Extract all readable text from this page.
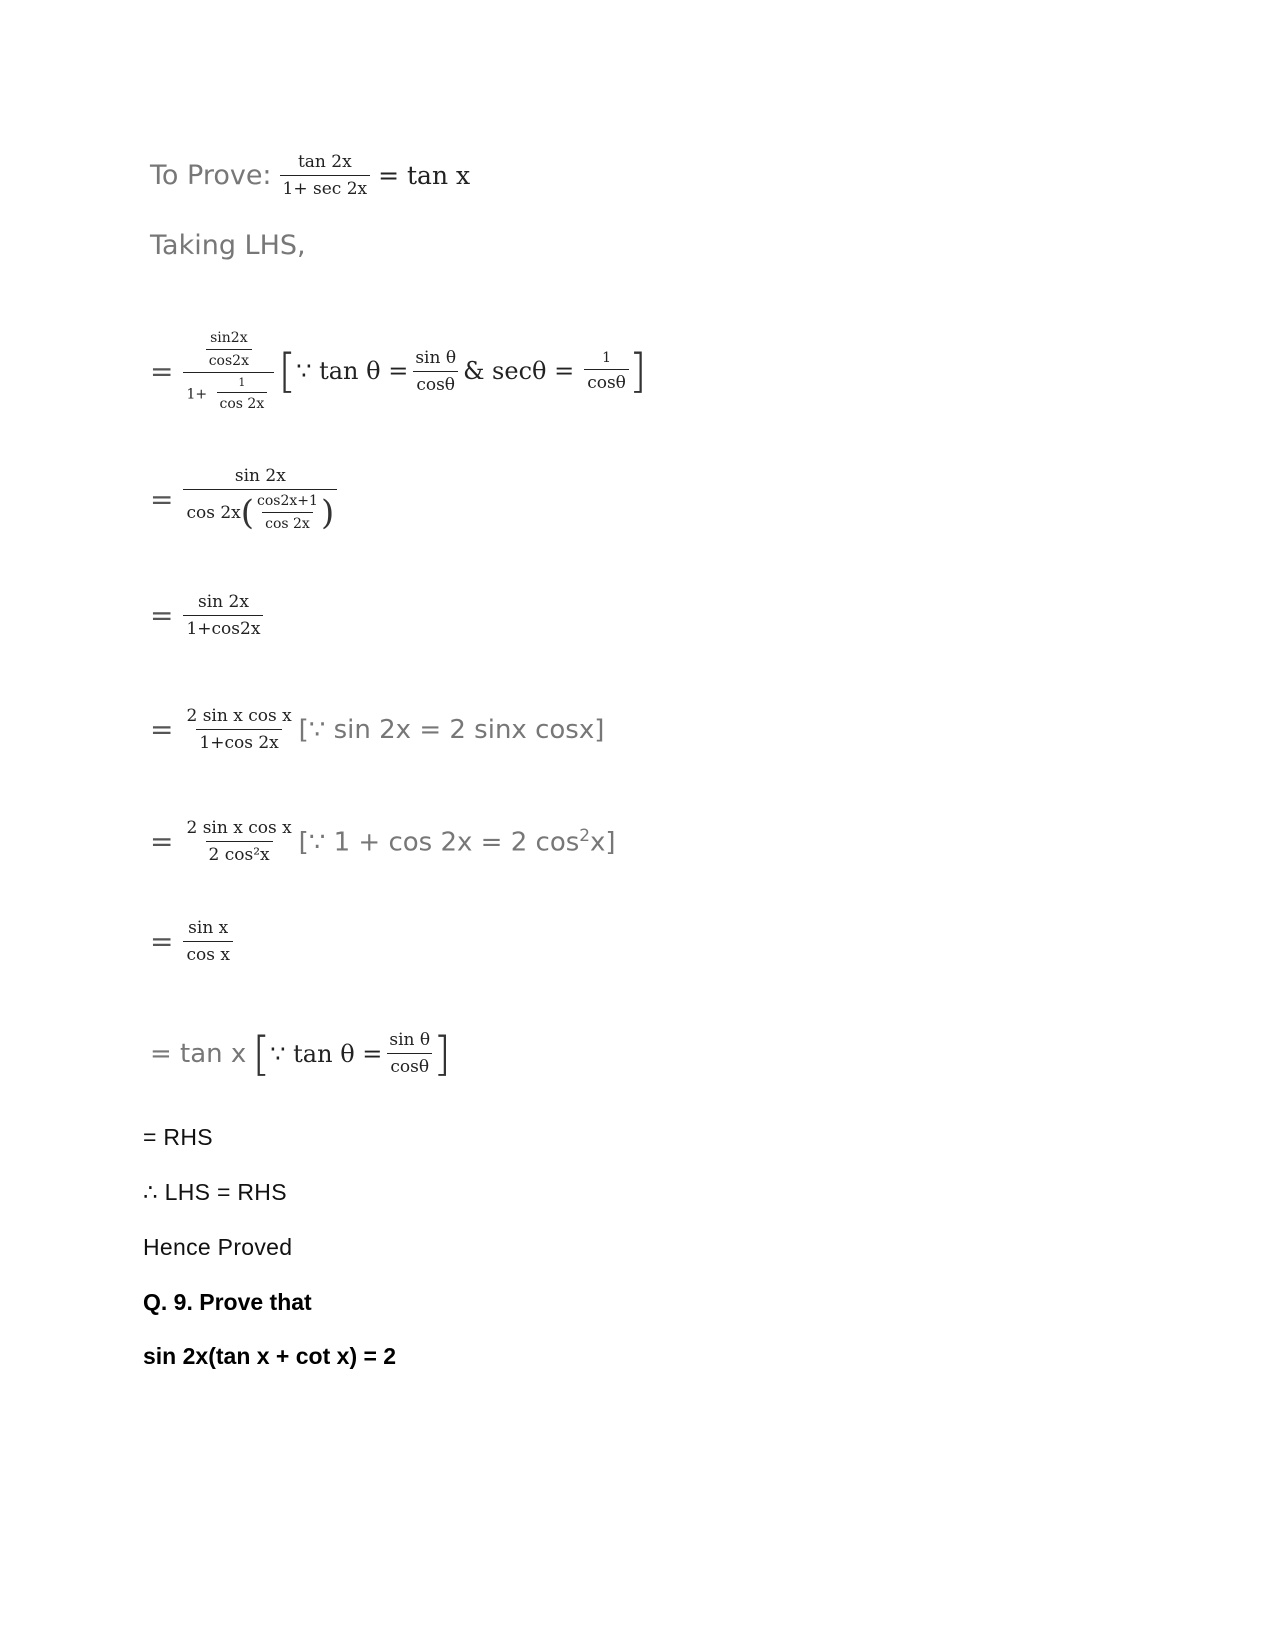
To Prove: $\frac{\tan 2x}{1+ \sec 2x} = \tan x$
Taking LHS,
= $\frac{\frac{\sin 2x}{\cos 2x}}{1+ \frac{1}{\cos 2x}}$ [ ∵ $\tan \theta = \frac{\text{sin θ}}{\cos\theta}$ & $\sec\theta = \frac{1}{\cos\theta}$ ]
=
sin 2x
cos 2x ( $\frac{\cos 2x+1}{\cos 2x}$ )
= $\frac{\sin 2x}{1+\cos 2x}$
= $\frac{\text{2 sin x cos x}}{1+\cos 2x}$ [∵ sin 2x = 2 sinx cosx]
= $\frac{\text{2 sin x cos x}}{\text{2 cos²x}}$ [∵ 1 + cos 2x = 2 $\cos^2x$]
= $\frac{\text{sin x}}{\text{cos x}}$
= tan x [ ∵ $\tan \theta = \frac{\text{sin θ}}{\cos\theta}$ ]
= RHS
∴ LHS = RHS
Hence Proved
Q. 9. Prove that
sin 2x(tan x + cot x) = 2
